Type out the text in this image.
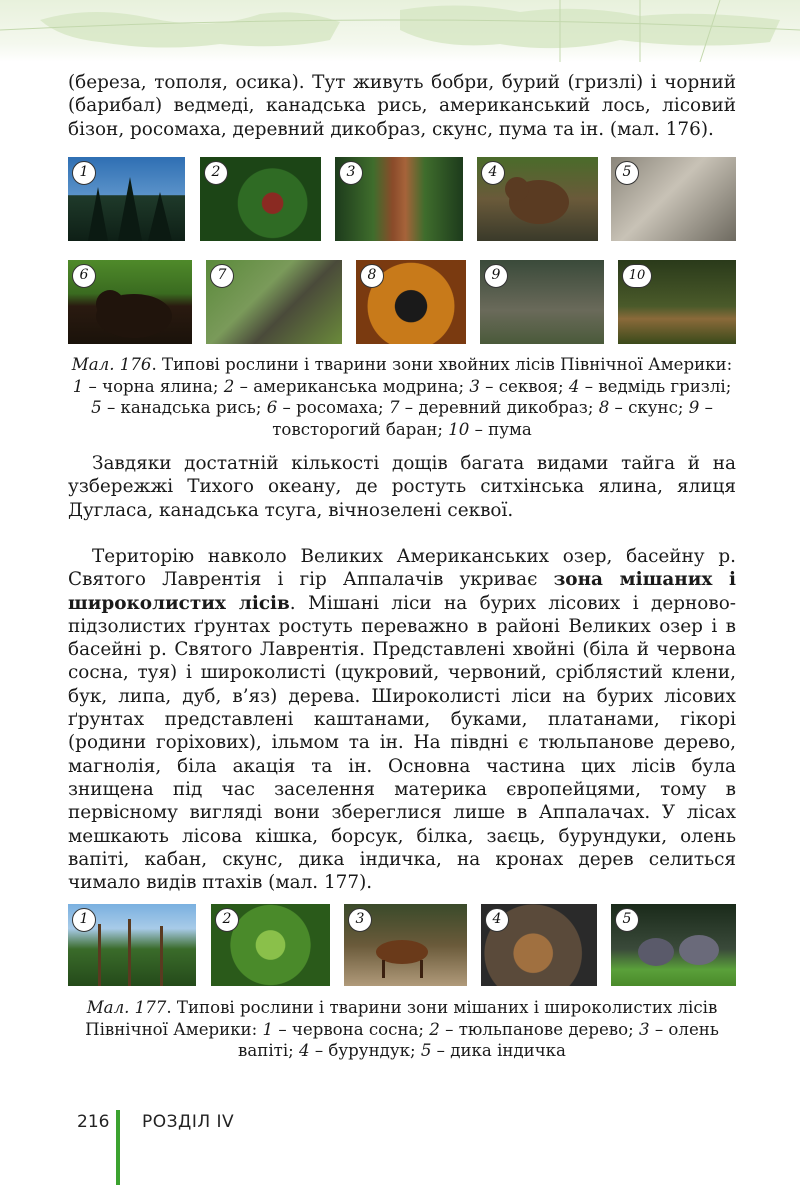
(береза, тополя, осика). Тут живуть бобри, бурий (гризлі) і чорний (барибал) ведмеді, канадська рись, американський лось, лісовий бізон, росомаха, деревний дикобраз, скунс, пума та ін. (мал. 176).

1	2	3	4	5
6	7	8	9	10

Мал. 176. Типові рослини і тварини зони хвойних лісів Північної Америки: 1 – чорна ялина; 2 – американська модрина; 3 – секвоя; 4 – ведмідь гризлі; 5 – канадська рись; 6 – росомаха; 7 – деревний дикобраз; 8 – скунс; 9 – товсторогий баран; 10 – пума

Завдяки достатній кількості дощів багата видами тайга й на узбережжі Тихого океану, де ростуть ситхінська ялина, ялиця Дугласа, канадська тсуга, вічнозелені секвої.

Територію навколо Великих Американських озер, басейну р. Святого Лаврентія і гір Аппалачів укриває зона мішаних і широколистих лісів. Мішані ліси на бурих лісових і дерново-підзолистих ґрунтах ростуть переважно в районі Великих озер і в басейні р. Святого Лаврентія. Представлені хвойні (біла й червона сосна, туя) і широколисті (цукровий, червоний, сріблястий клени, бук, липа, дуб, в’яз) дерева. Широколисті ліси на бурих лісових ґрунтах представлені каштанами, буками, платанами, гікорі (родини горіхових), ільмом та ін. На півдні є тюльпанове дерево, магнолія, біла акація та ін. Основна частина цих лісів була знищена під час заселення материка європейцями, тому в первісному вигляді вони збереглися лише в Аппалачах. У лісах мешкають лісова кішка, борсук, білка, заєць, бурундуки, олень вапіті, кабан, скунс, дика індичка, на кронах дерев селиться чимало видів птахів (мал. 177).

1	2	3	4	5

Мал. 177. Типові рослини і тварини зони мішаних і широколистих лісів Північної Америки: 1 – червона сосна; 2 – тюльпанове дерево; 3 – олень вапіті; 4 – бурундук; 5 – дика індичка

216 РОЗДІЛ IV
